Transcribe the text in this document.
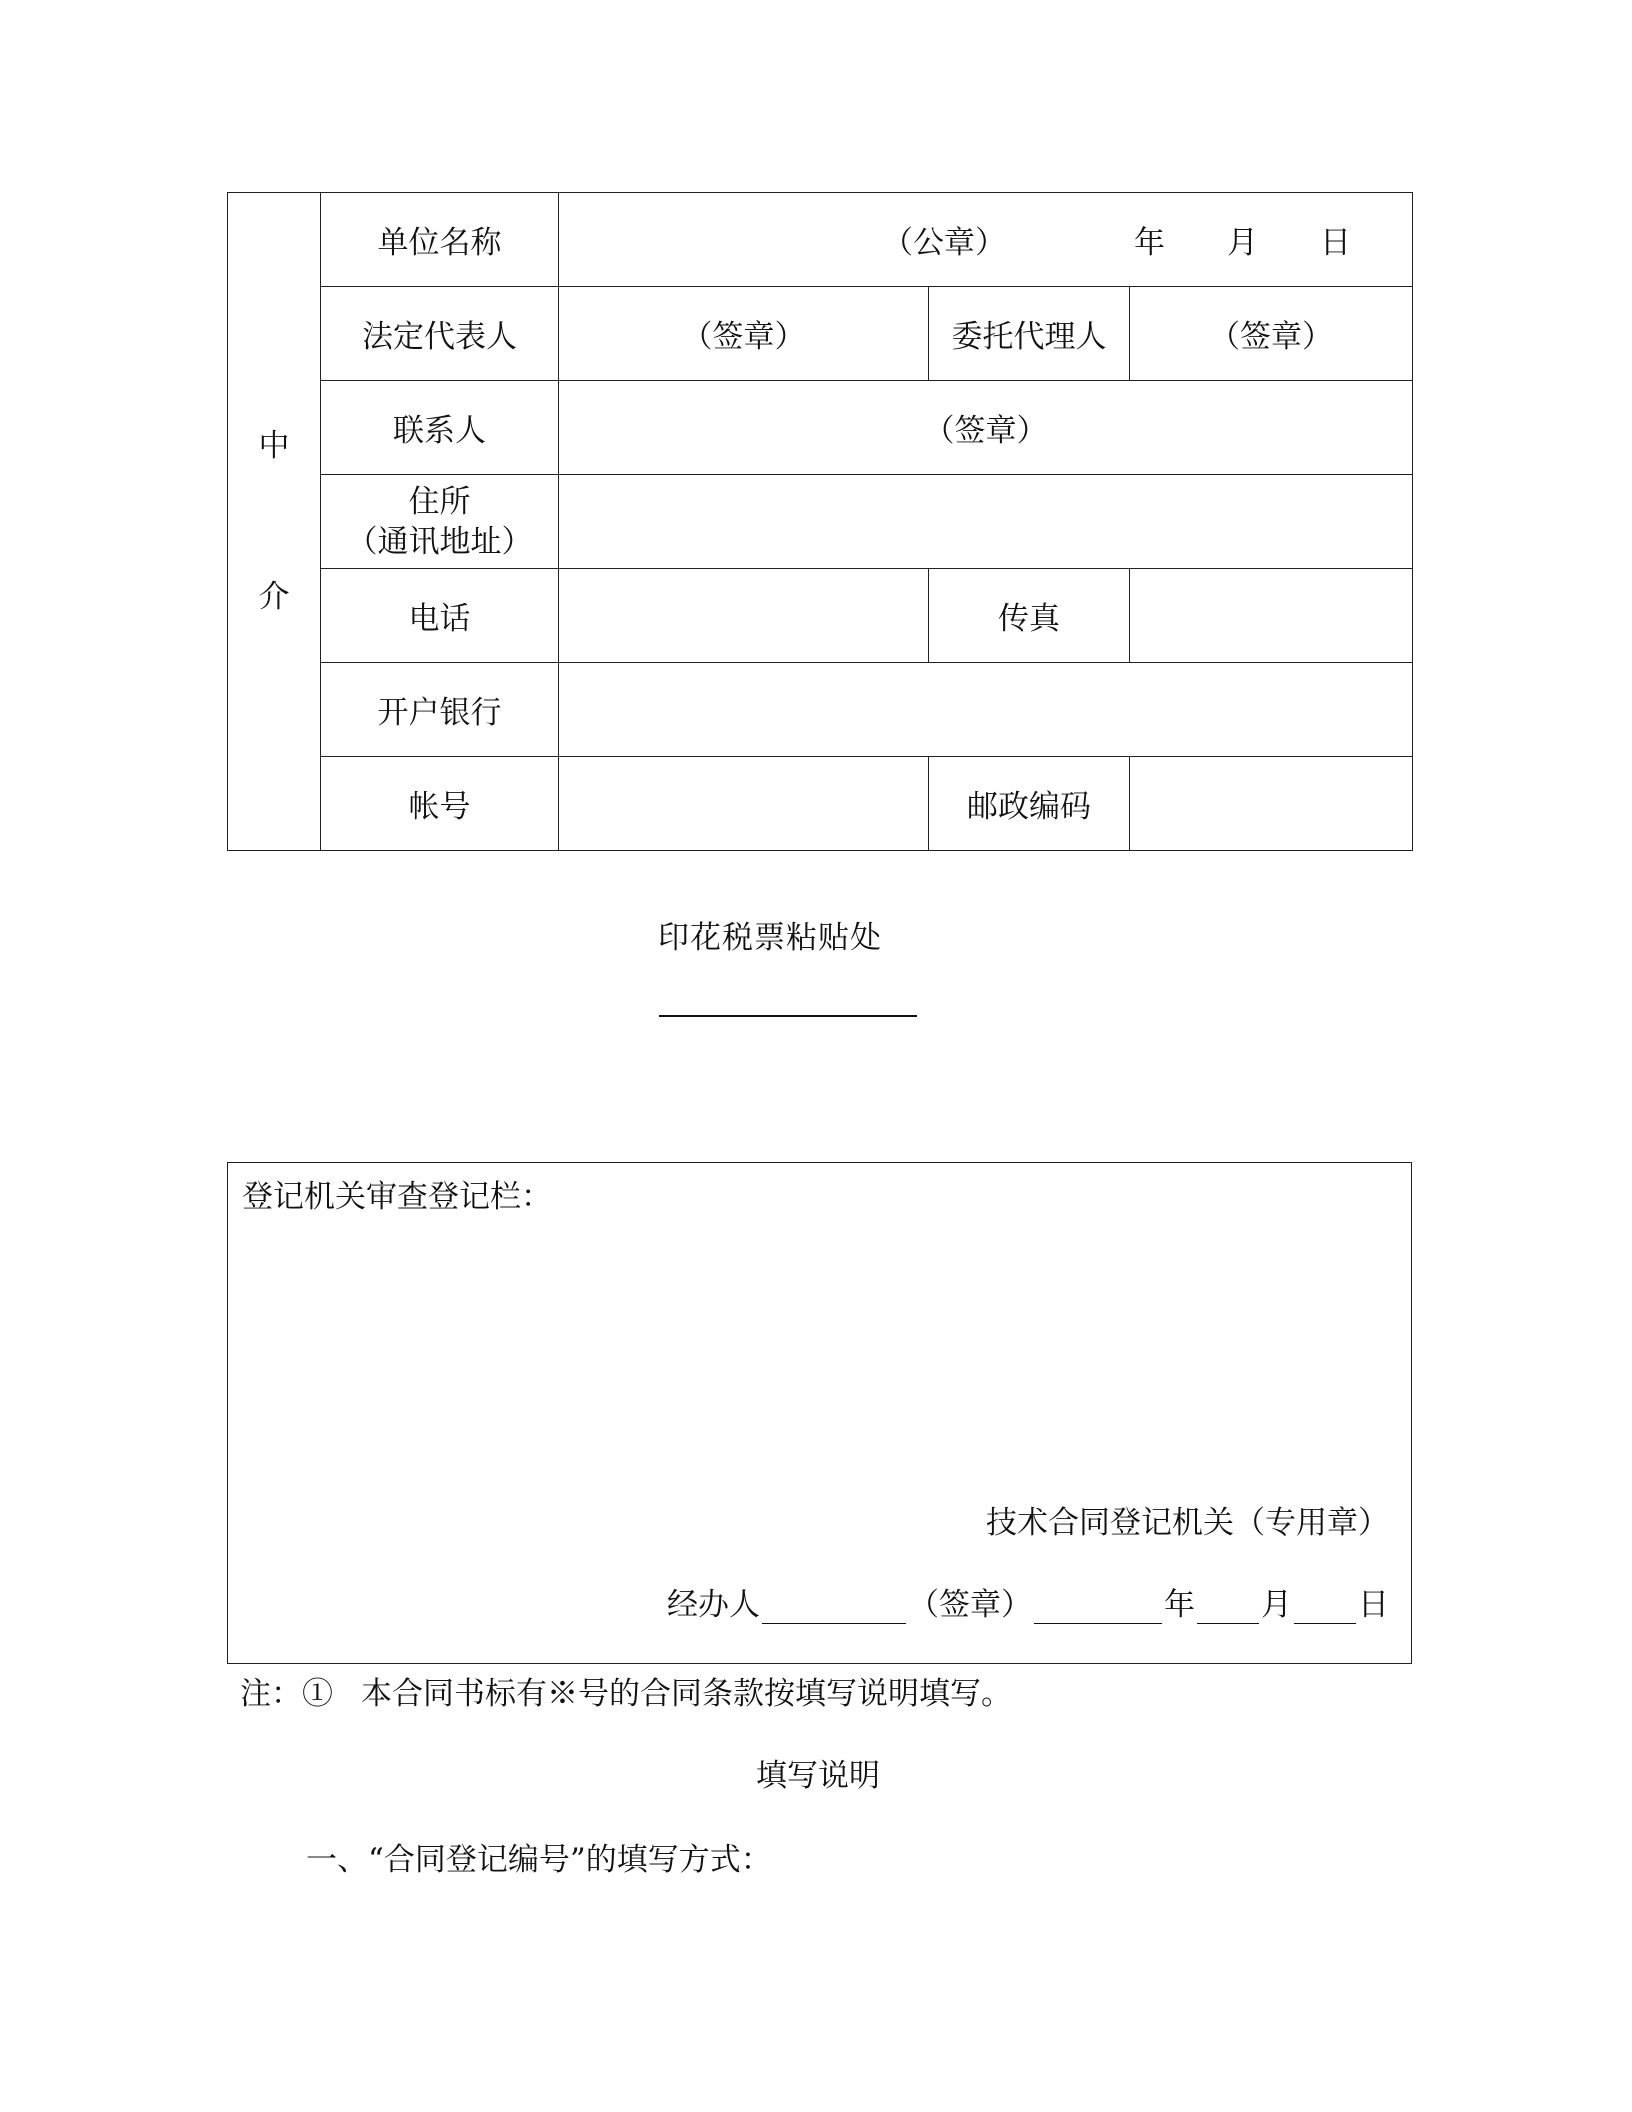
中
介	单位名称	（公章） 年 月 日	
	法定代表人	（签章）	委托代理人	（签章）
	联系人	（签章）		

	住所
（通讯地址）			

	电话		传真	
	开户银行			
	帐号		邮政编码	
印花税票粘贴处
登记机关审查登记栏：
技术合同登记机关（专用章）
经办人	（签章）	年 月 日
注：① 本合同书标有※号的合同条款按填写说明填写。
填写说明
一、“合同登记编号”的填写方式：
